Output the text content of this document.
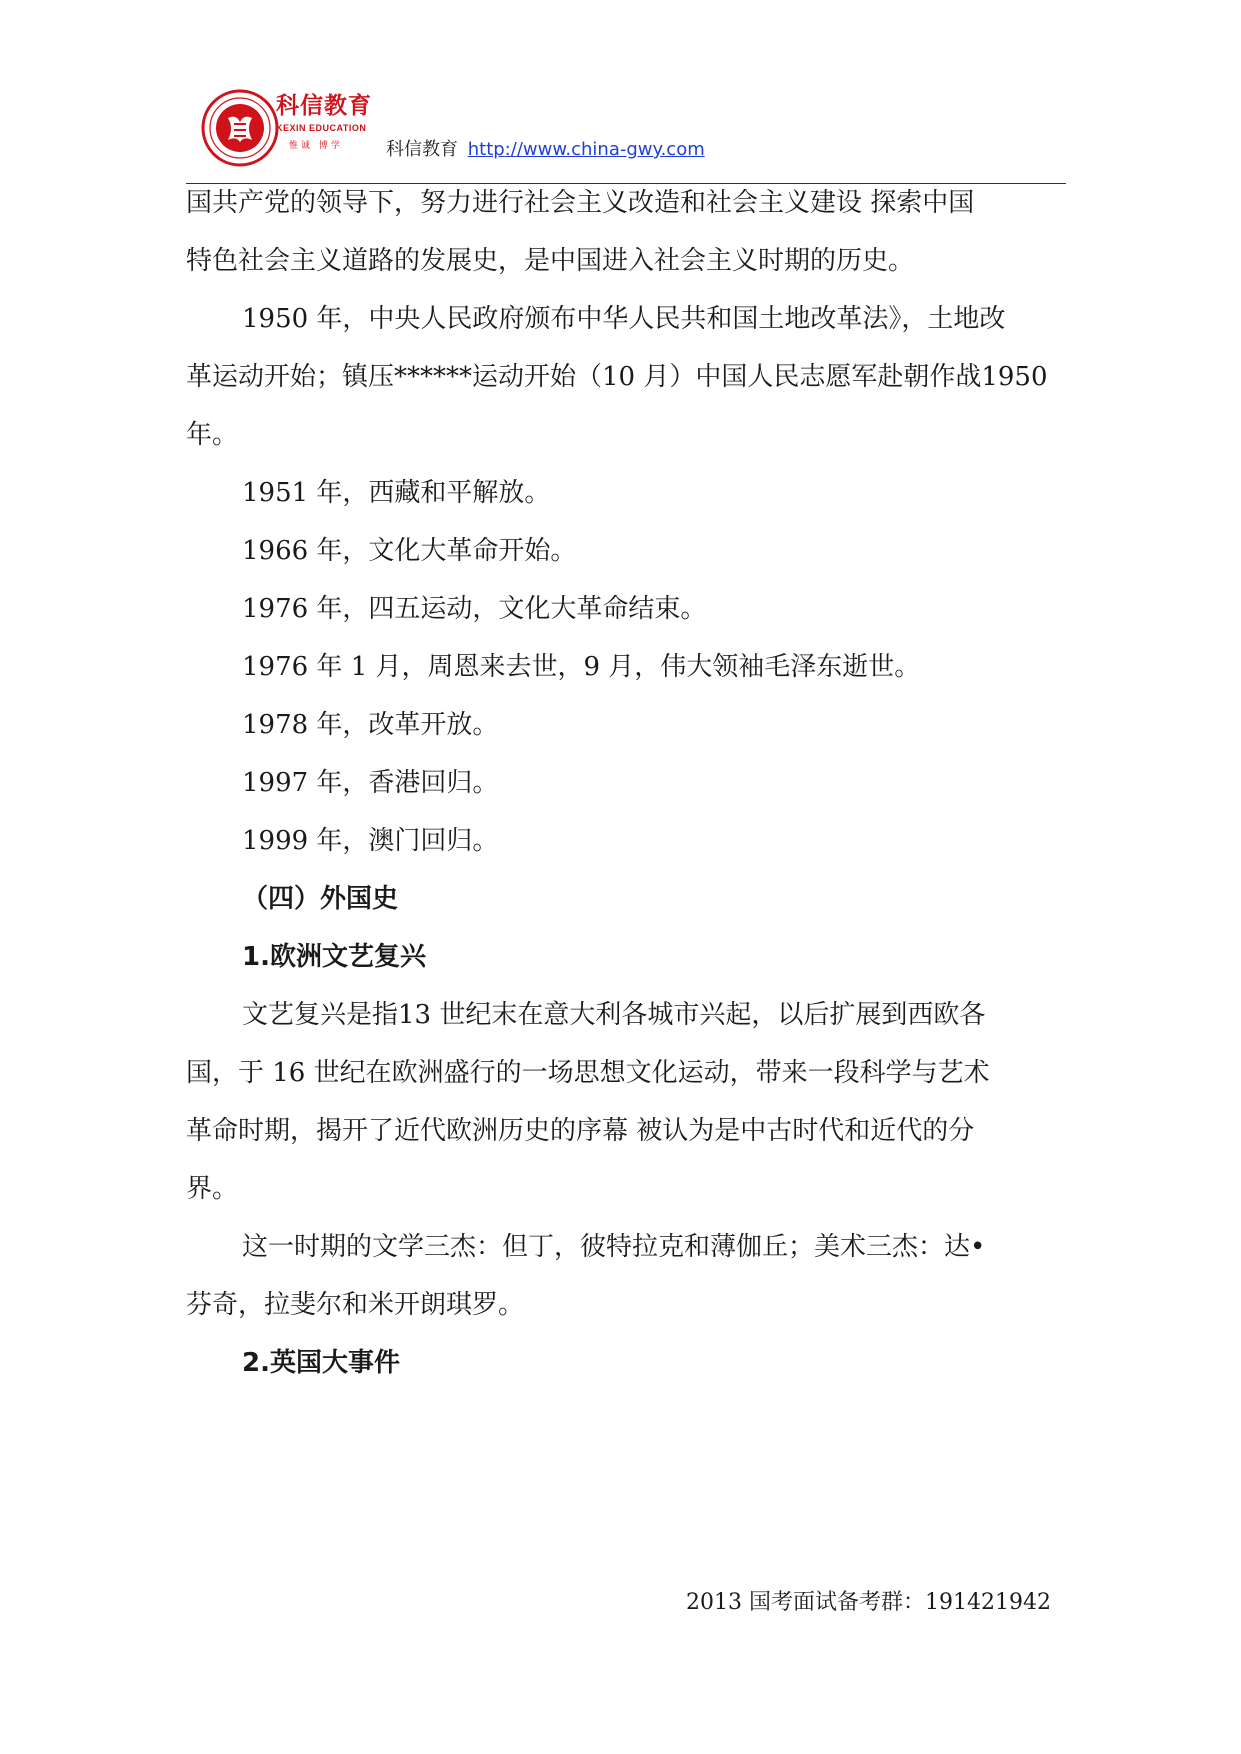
科信教育
KEXIN EDUCATION
惟诚 博学 科信教育 http://www.china-gwy.com
国共产党的领导下，努力进行社会主义改造和社会主义建设 探索中国
特色社会主义道路的发展史，是中国进入社会主义时期的历史。
1950 年，中央人民政府颁布中华人民共和国土地改革法》，土地改
革运动开始；镇压******运动开始（10 月）中国人民志愿军赴朝作战1950
年。
1951 年，西藏和平解放。
1966 年，文化大革命开始。
1976 年，四五运动，文化大革命结束。
1976 年 1 月，周恩来去世，9 月，伟大领袖毛泽东逝世。
1978 年，改革开放。
1997 年，香港回归。
1999 年，澳门回归。
（四）外国史
1.欧洲文艺复兴
文艺复兴是指13 世纪末在意大利各城市兴起，以后扩展到西欧各
国，于 16 世纪在欧洲盛行的一场思想文化运动，带来一段科学与艺术
革命时期，揭开了近代欧洲历史的序幕 被认为是中古时代和近代的分
界。
这一时期的文学三杰：但丁，彼特拉克和薄伽丘；美术三杰：达•
芬奇，拉斐尔和米开朗琪罗。
2.英国大事件
2013 国考面试备考群：191421942
